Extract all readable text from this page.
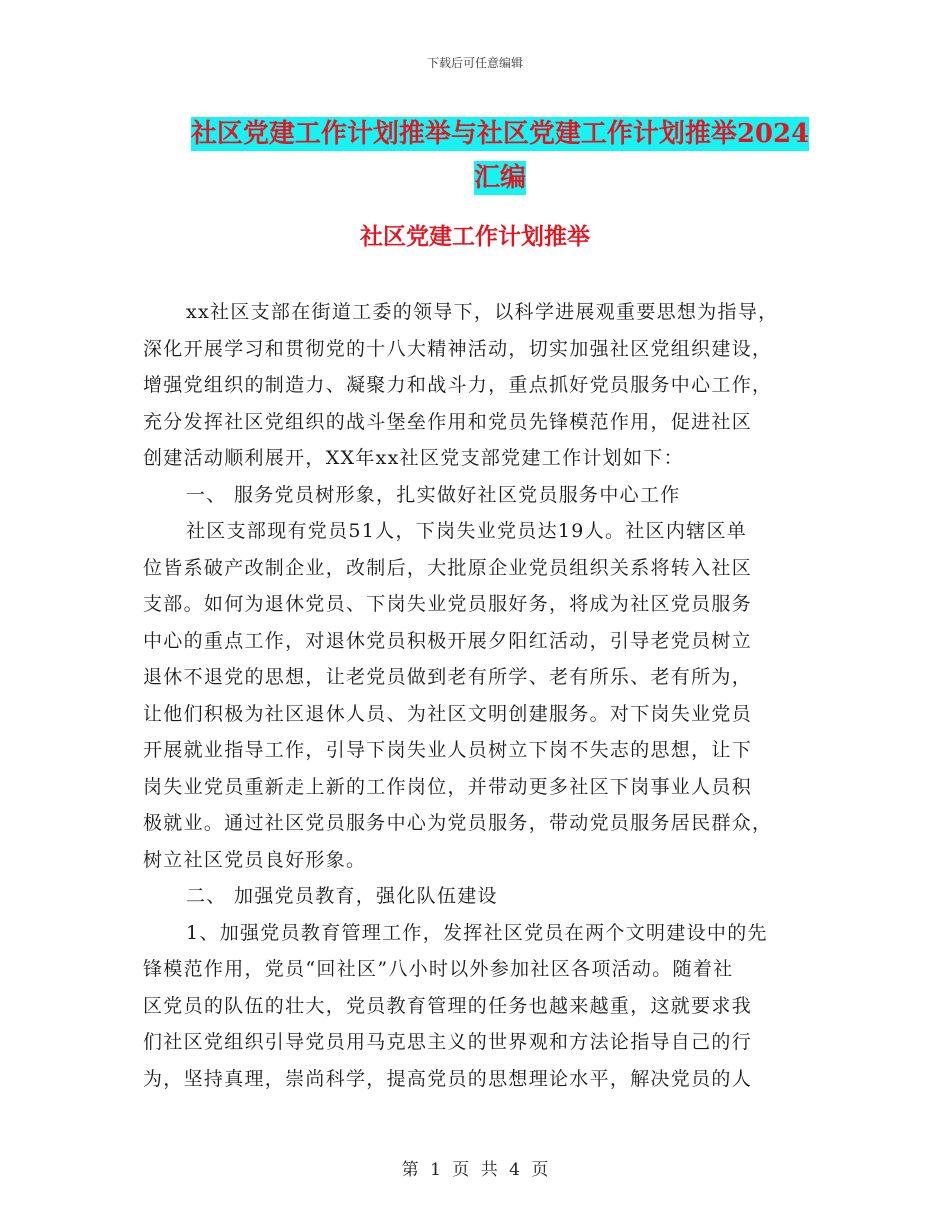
下载后可任意编辑
社区党建工作计划推举与社区党建工作计划推举2024
汇编
社区党建工作计划推举
xx社区支部在街道工委的领导下，以科学进展观重要思想为指导，
深化开展学习和贯彻党的十八大精神活动，切实加强社区党组织建设，
增强党组织的制造力、凝聚力和战斗力，重点抓好党员服务中心工作，
充分发挥社区党组织的战斗堡垒作用和党员先锋模范作用，促进社区
创建活动顺利展开，XX年xx社区党支部党建工作计划如下：
一、 服务党员树形象，扎实做好社区党员服务中心工作
社区支部现有党员51人，下岗失业党员达19人。社区内辖区单
位皆系破产改制企业，改制后，大批原企业党员组织关系将转入社区
支部。如何为退休党员、下岗失业党员服好务，将成为社区党员服务
中心的重点工作，对退休党员积极开展夕阳红活动，引导老党员树立
退休不退党的思想，让老党员做到老有所学、老有所乐、老有所为，
让他们积极为社区退休人员、为社区文明创建服务。对下岗失业党员
开展就业指导工作，引导下岗失业人员树立下岗不失志的思想，让下
岗失业党员重新走上新的工作岗位，并带动更多社区下岗事业人员积
极就业。通过社区党员服务中心为党员服务，带动党员服务居民群众，
树立社区党员良好形象。
二、 加强党员教育，强化队伍建设
1、加强党员教育管理工作，发挥社区党员在两个文明建设中的先
锋模范作用，党员“回社区”八小时以外参加社区各项活动。随着社
区党员的队伍的壮大，党员教育管理的任务也越来越重，这就要求我
们社区党组织引导党员用马克思主义的世界观和方法论指导自己的行
为，坚持真理，崇尚科学，提高党员的思想理论水平，解决党员的人
第 1 页 共 4 页
